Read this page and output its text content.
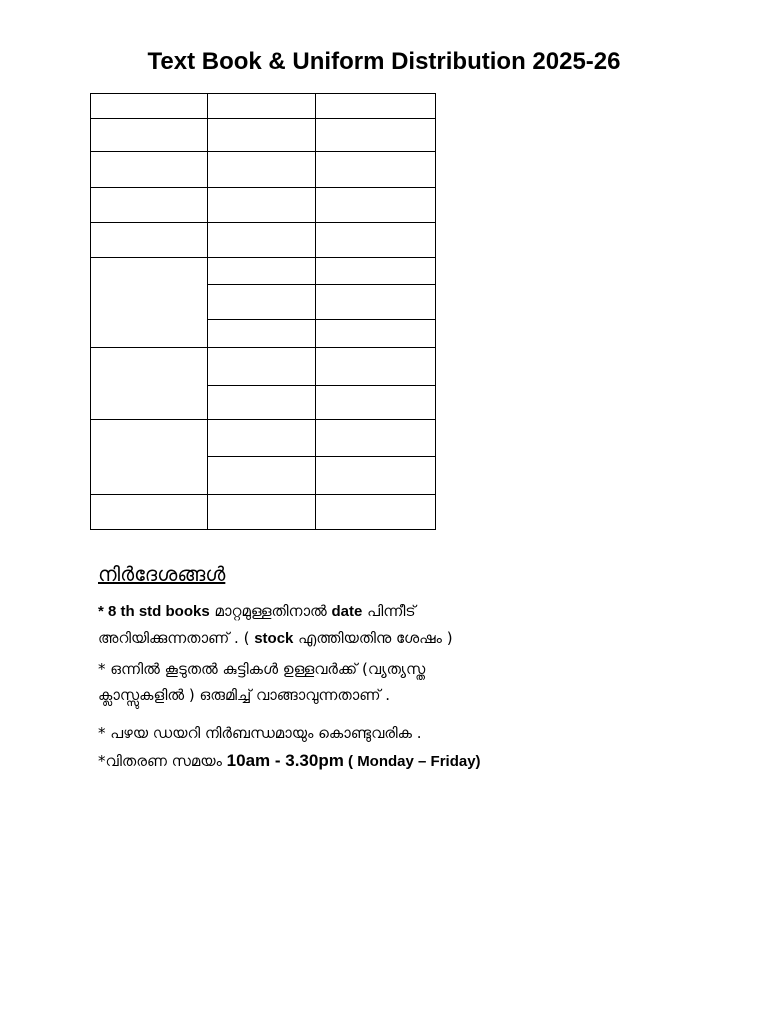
Text Book & Uniform Distribution 2025-26
നിർദേശങ്ങൾ

* 8 th std books മാറ്റമുള്ളതിനാൽ date പിന്നീട്
അറിയിക്കുന്നതാണ് . ( stock എത്തിയതിനു ശേഷം )

* ഒന്നിൽ കൂടുതൽ കുട്ടികൾ ഉള്ളവർക്ക് (വ്യത്യസ്ത
ക്ലാസ്സുകളിൽ ) ഒരുമിച്ച് വാങ്ങാവുന്നതാണ് .

* പഴയ ഡയറി നിർബന്ധമായും കൊണ്ടുവരിക .

*വിതരണ സമയം 10am - 3.30pm ( Monday – Friday)
